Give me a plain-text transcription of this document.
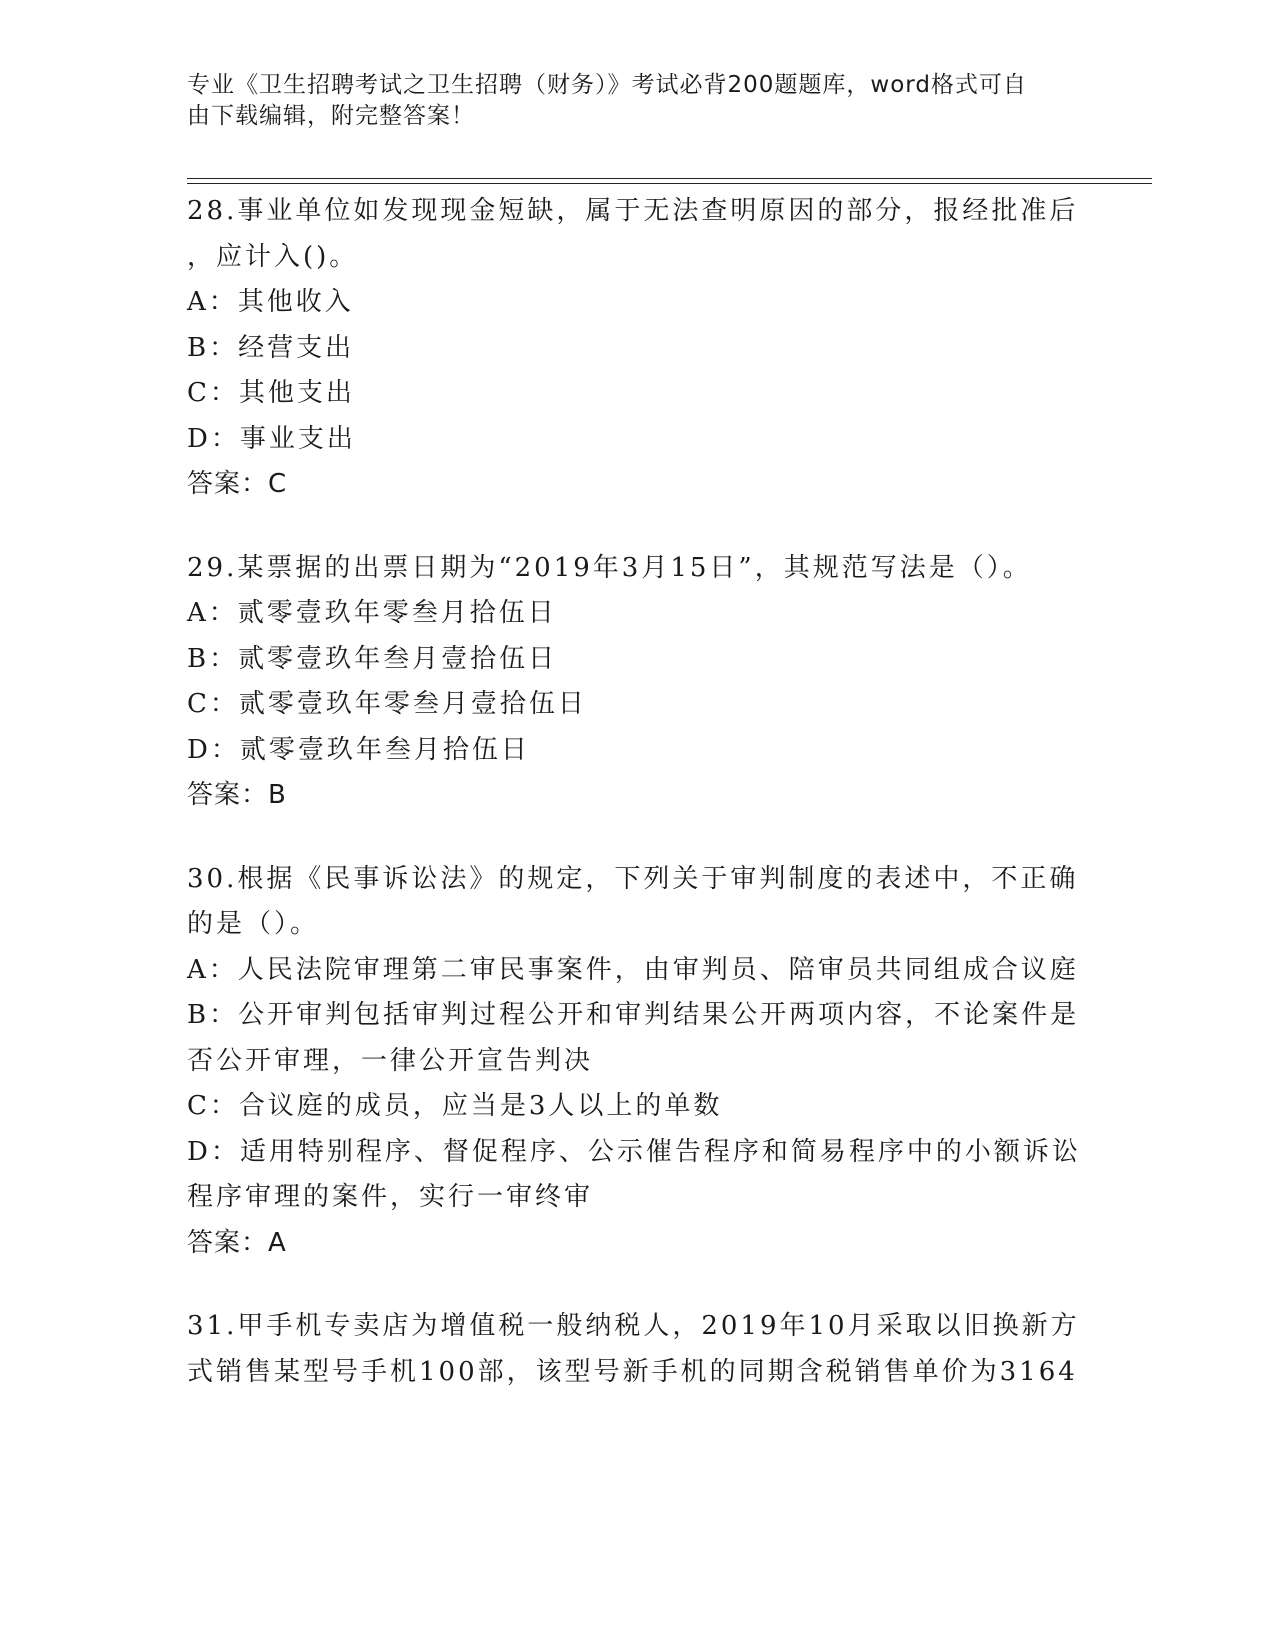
专业《卫生招聘考试之卫生招聘（财务）》考试必背200题题库，word格式可自
由下载编辑，附完整答案！
28.事业单位如发现现金短缺，属于无法查明原因的部分，报经批准后
，应计入()。
A：其他收入
B：经营支出
C：其他支出
D：事业支出
答案：C
29.某票据的出票日期为“2019年3月15日”，其规范写法是（）。
A：贰零壹玖年零叁月拾伍日
B：贰零壹玖年叁月壹拾伍日
C：贰零壹玖年零叁月壹拾伍日
D：贰零壹玖年叁月拾伍日
答案：B
30.根据《民事诉讼法》的规定，下列关于审判制度的表述中，不正确
的是（）。
A：人民法院审理第二审民事案件，由审判员、陪审员共同组成合议庭
B：公开审判包括审判过程公开和审判结果公开两项内容，不论案件是
否公开审理，一律公开宣告判决
C：合议庭的成员，应当是3人以上的单数
D：适用特别程序、督促程序、公示催告程序和简易程序中的小额诉讼
程序审理的案件，实行一审终审
答案：A
31.甲手机专卖店为增值税一般纳税人，2019年10月采取以旧换新方
式销售某型号手机100部，该型号新手机的同期含税销售单价为3164
